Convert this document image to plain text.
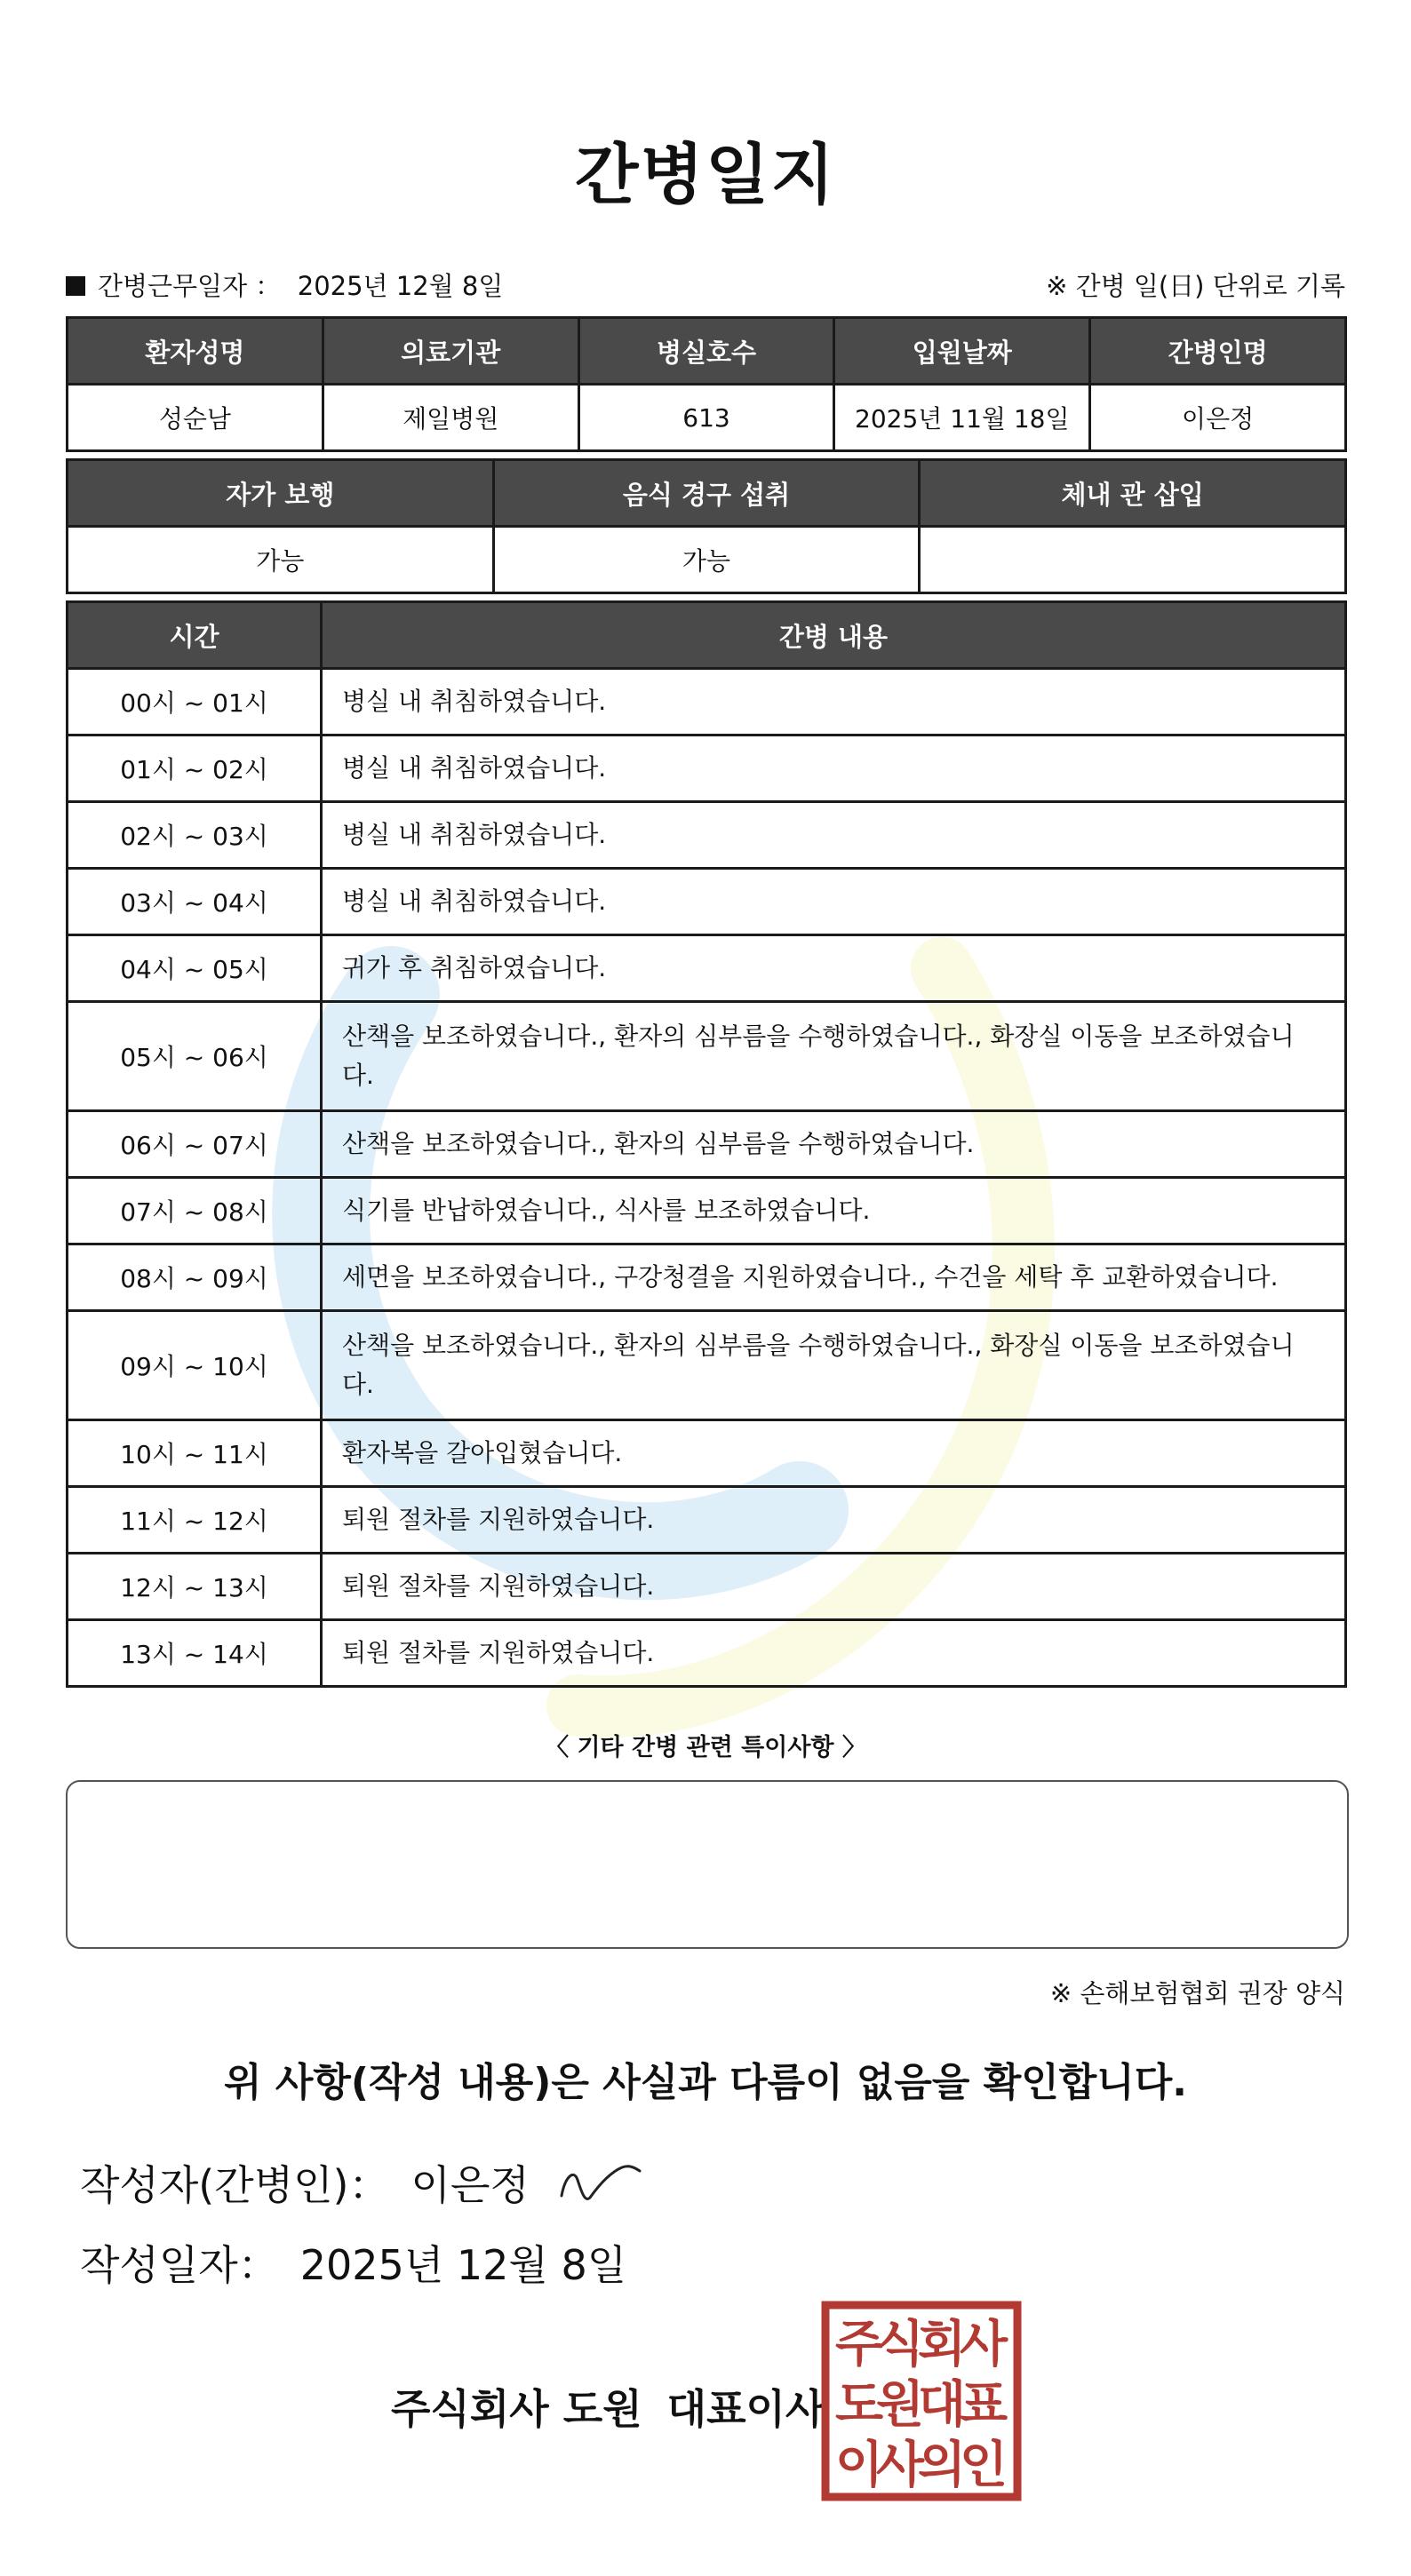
간병일지
간병근무일자 ： 2025년 12월 8일	※ 간병 일(日) 단위로 기록
환자성명	의료기관	병실호수	입원날짜	간병인명
성순남	제일병원	613	2025년 11월 18일	이은정
자가 보행	음식 경구 섭취	체내 관 삽입
가능	가능	
시간	간병 내용
00시 ~ 01시	병실 내 취침하였습니다.
01시 ~ 02시	병실 내 취침하였습니다.
02시 ~ 03시	병실 내 취침하였습니다.
03시 ~ 04시	병실 내 취침하였습니다.
04시 ~ 05시	귀가 후 취침하였습니다.
05시 ~ 06시	산책을 보조하였습니다., 환자의 심부름을 수행하였습니다., 화장실 이동을 보조하였습니다.
06시 ~ 07시	산책을 보조하였습니다., 환자의 심부름을 수행하였습니다.
07시 ~ 08시	식기를 반납하였습니다., 식사를 보조하였습니다.
08시 ~ 09시	세면을 보조하였습니다., 구강청결을 지원하였습니다., 수건을 세탁 후 교환하였습니다.
09시 ~ 10시	산책을 보조하였습니다., 환자의 심부름을 수행하였습니다., 화장실 이동을 보조하였습니다.
10시 ~ 11시	환자복을 갈아입혔습니다.
11시 ~ 12시	퇴원 절차를 지원하였습니다.
12시 ~ 13시	퇴원 절차를 지원하였습니다.
13시 ~ 14시	퇴원 절차를 지원하였습니다.
〈 기타 간병 관련 특이사항 〉
※ 손해보험협회 권장 양식
위 사항(작성 내용)은 사실과 다름이 없음을 확인합니다.
작성자(간병인)： 이은정
작성일자： 2025년 12월 8일
주식회사 도원 대표이사
주
식
회
사
도
원
대
표
이
사
의
인
